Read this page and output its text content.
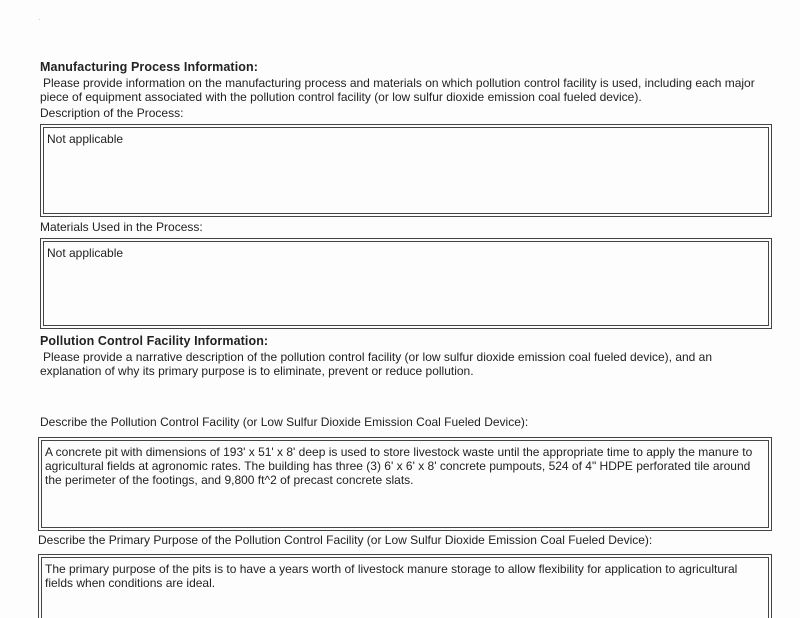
·
Manufacturing Process Information:
Please provide information on the manufacturing process and materials on which pollution control facility is used, including each major piece of equipment associated with the pollution control facility (or low sulfur dioxide emission coal fueled device).
Description of the Process:
Not applicable
Materials Used in the Process:
Not applicable
Pollution Control Facility Information:
Please provide a narrative description of the pollution control facility (or low sulfur dioxide emission coal fueled device), and an explanation of why its primary purpose is to eliminate, prevent or reduce pollution.
Describe the Pollution Control Facility (or Low Sulfur Dioxide Emission Coal Fueled Device):
A concrete pit with dimensions of 193' x 51' x 8' deep is used to store livestock waste until the appropriate time to apply the manure to agricultural fields at agronomic rates. The building has three (3) 6' x 6' x 8' concrete pumpouts, 524 of 4" HDPE perforated tile around the perimeter of the footings, and 9,800 ft^2 of precast concrete slats.
Describe the Primary Purpose of the Pollution Control Facility (or Low Sulfur Dioxide Emission Coal Fueled Device):
The primary purpose of the pits is to have a years worth of livestock manure storage to allow flexibility for application to agricultural fields when conditions are ideal.
